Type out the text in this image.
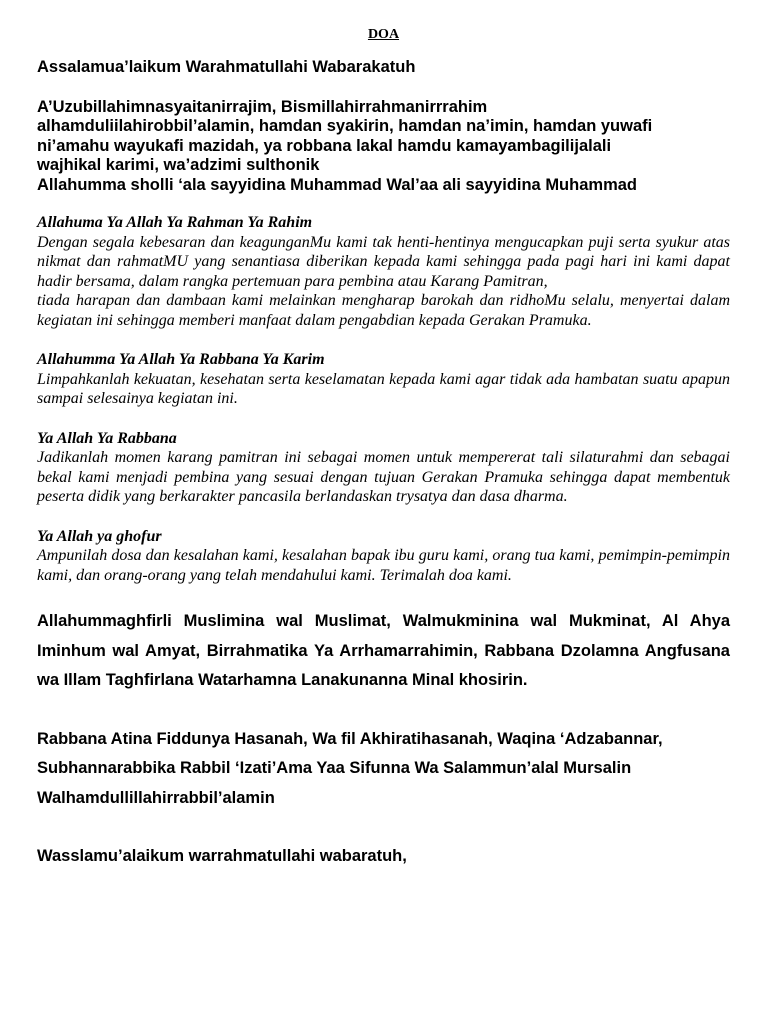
DOA
Assalamua’laikum Warahmatullahi Wabarakatuh
A’Uzubillahimnasyaitanirrajim, Bismillahirrahmanirrrahim
alhamduliilahirobbil’alamin, hamdan syakirin, hamdan na’imin, hamdan yuwafi
ni’amahu wayukafi mazidah, ya robbana lakal hamdu kamayambagilijalali
wajhikal karimi, wa’adzimi sulthonik
Allahumma sholli ‘ala sayyidina Muhammad Wal’aa ali sayyidina Muhammad
Allahuma Ya Allah Ya Rahman Ya Rahim

Dengan segala kebesaran dan keagunganMu kami tak henti-hentinya mengucapkan puji serta syukur atas nikmat dan rahmatMU yang senantiasa diberikan kepada kami sehingga pada pagi hari ini kami dapat hadir bersama, dalam rangka pertemuan para pembina atau Karang Pamitran,

tiada harapan dan dambaan kami melainkan mengharap barokah dan ridhoMu selalu, menyertai dalam kegiatan ini sehingga memberi manfaat dalam pengabdian kepada Gerakan Pramuka.

Allahumma Ya Allah Ya Rabbana Ya Karim

Limpahkanlah kekuatan, kesehatan serta keselamatan kepada kami agar tidak ada hambatan suatu apapun sampai selesainya kegiatan ini.

Ya Allah Ya Rabbana

Jadikanlah momen karang pamitran ini sebagai momen untuk mempererat tali silaturahmi dan sebagai bekal kami menjadi pembina yang sesuai dengan tujuan Gerakan Pramuka sehingga dapat membentuk peserta didik yang berkarakter pancasila berlandaskan trysatya dan dasa dharma.

Ya Allah ya ghofur

Ampunilah dosa dan kesalahan kami, kesalahan bapak ibu guru kami, orang tua kami, pemimpin-pemimpin kami, dan orang-orang yang telah mendahului kami. Terimalah doa kami.

Allahummaghfirli Muslimina wal Muslimat, Walmukminina wal Mukminat, Al Ahya Iminhum wal Amyat, Birrahmatika Ya Arrhamarrahimin, Rabbana Dzolamna Angfusana wa Illam Taghfirlana Watarhamna Lanakunanna Minal khosirin.

Rabbana Atina Fiddunya Hasanah, Wa fil Akhiratihasanah, Waqina ‘Adzabannar,
Subhannarabbika Rabbil ‘Izati’Ama Yaa Sifunna Wa Salammun’alal Mursalin
Walhamdullillahirrabbil’alamin
Wasslamu’alaikum warrahmatullahi wabaratuh,
